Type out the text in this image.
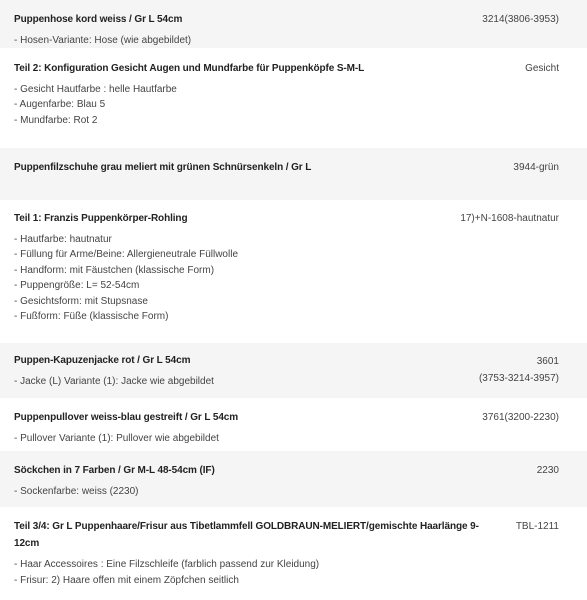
Puppenhose kord weiss / Gr L 54cm
- Hosen-Variante: Hose (wie abgebildet)
3214(3806-3953)
Teil 2: Konfiguration Gesicht Augen und Mundfarbe für Puppenköpfe S-M-L
- Gesicht Hautfarbe : helle Hautfarbe
- Augenfarbe: Blau 5
- Mundfarbe: Rot 2
Gesicht
Puppenfilzschuhe grau meliert mit grünen Schnürsenkeln / Gr L	3944-grün
Teil 1: Franzis Puppenkörper-Rohling
- Hautfarbe: hautnatur
- Füllung für Arme/Beine: Allergieneutrale Füllwolle
- Handform: mit Fäustchen (klassische Form)
- Puppengröße: L= 52-54cm
- Gesichtsform: mit Stupsnase
- Fußform: Füße (klassische Form)
17)+N-1608-hautnatur
Puppen-Kapuzenjacke rot / Gr L 54cm
- Jacke (L) Variante (1): Jacke wie abgebildet
3601
(3753-3214-3957)
Puppenpullover weiss-blau gestreift / Gr L 54cm
- Pullover Variante (1): Pullover wie abgebildet
3761(3200-2230)
Söckchen in 7 Farben / Gr M-L 48-54cm (IF)
- Sockenfarbe: weiss (2230)
2230
Teil 3/4: Gr L Puppenhaare/Frisur aus Tibetlammfell GOLDBRAUN-MELIERT/gemischte Haarlänge 9-12cm
- Haar Accessoires : Eine Filzschleife (farblich passend zur Kleidung)
- Frisur: 2) Haare offen mit einem Zöpfchen seitlich
TBL-1211
